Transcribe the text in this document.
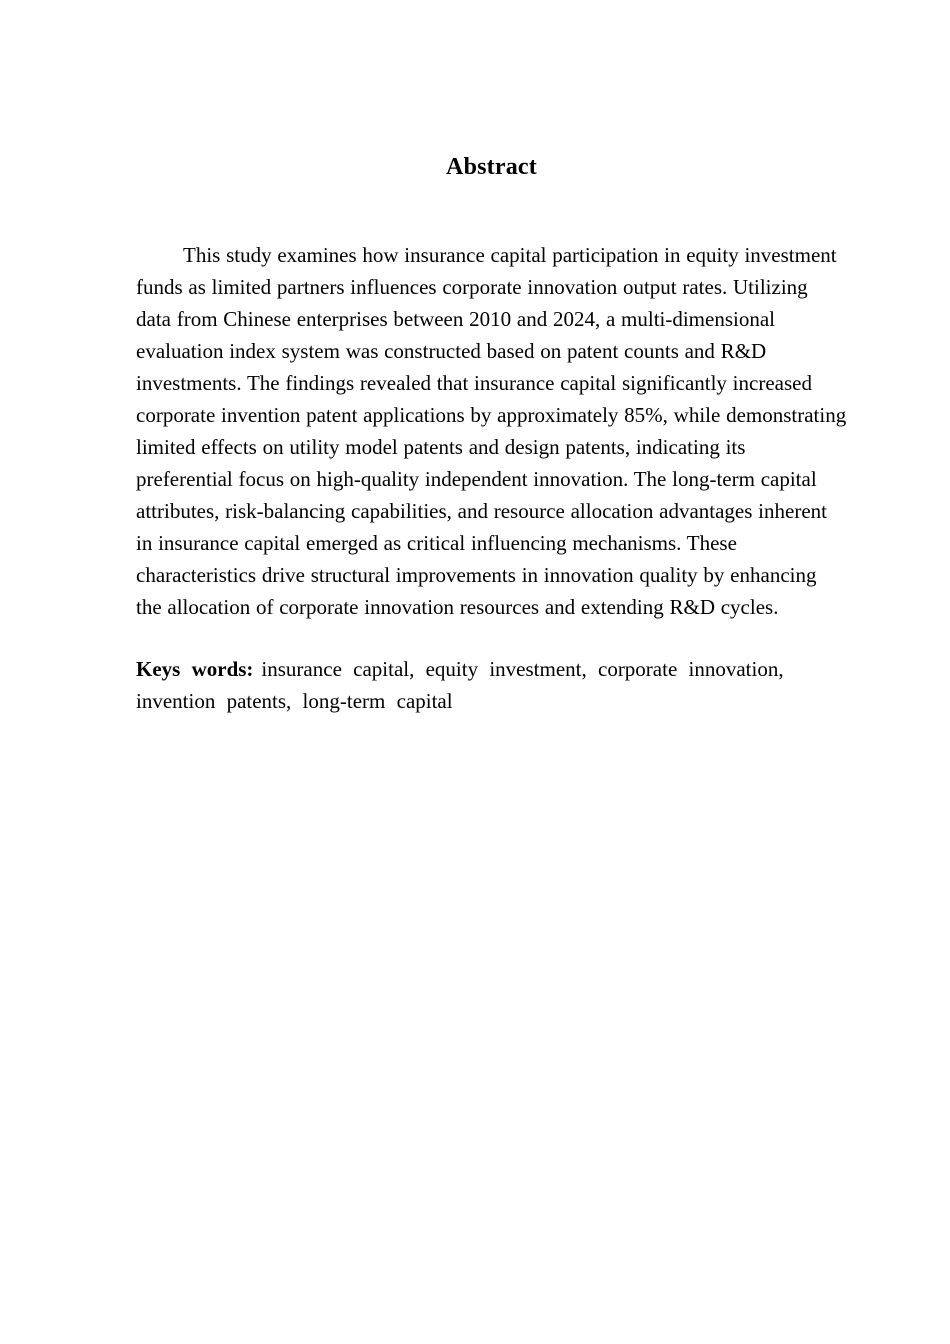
Abstract

This study examines how insurance capital participation in equity investment funds as limited partners influences corporate innovation output rates. Utilizing data from Chinese enterprises between 2010 and 2024, a multi-dimensional evaluation index system was constructed based on patent counts and R&D investments. The findings revealed that insurance capital significantly increased corporate invention patent applications by approximately 85%, while demonstrating limited effects on utility model patents and design patents, indicating its preferential focus on high-quality independent innovation. The long-term capital attributes, risk-balancing capabilities, and resource allocation advantages inherent in insurance capital emerged as critical influencing mechanisms. These characteristics drive structural improvements in innovation quality by enhancing the allocation of corporate innovation resources and extending R&D cycles.

Keys words: insurance capital, equity investment, corporate innovation, invention patents, long-term capital
